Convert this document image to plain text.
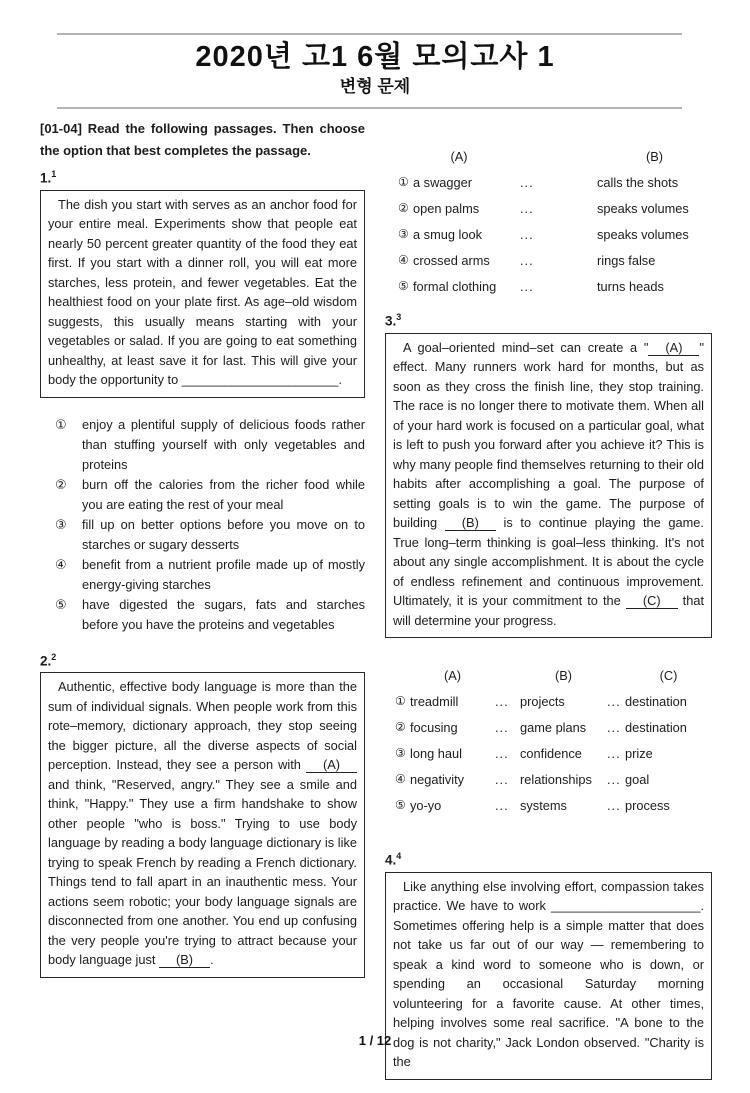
2020년 고1 6월 모의고사 1
변형 문제

[01-04] Read the following passages. Then choose the option that best completes the passage.

1.$^1$
The dish you start with serves as an anchor food for your entire meal. Experiments show that people eat nearly 50 percent greater quantity of the food they eat first. If you start with a dinner roll, you will eat more starches, less protein, and fewer vegetables. Eat the healthiest food on your plate first. As age–old wisdom suggests, this usually means starting with your vegetables or salad. If you are going to eat something unhealthy, at least save it for last. This will give your body the opportunity to ______________________.
① enjoy a plentiful supply of delicious foods rather than stuffing yourself with only vegetables and proteins
② burn off the calories from the richer food while you are eating the rest of your meal
③ fill up on better options before you move on to starches or sugary desserts
④ benefit from a nutrient profile made up of mostly energy-giving starches
⑤ have digested the sugars, fats and starches before you have the proteins and vegetables
2.$^2$
Authentic, effective body language is more than the sum of individual signals. When people work from this rote–memory, dictionary approach, they stop seeing the bigger picture, all the diverse aspects of social perception. Instead, they see a person with (A) and think, "Reserved, angry." They see a smile and think, "Happy." They use a firm handshake to show other people "who is boss." Trying to use body language by reading a body language dictionary is like trying to speak French by reading a French dictionary. Things tend to fall apart in an inauthentic mess. Your actions seem robotic; your body language signals are disconnected from one another. You end up confusing the very people you're trying to attract because your body language just (B) .
(A)	(B)
① a swagger	...	calls the shots
② open palms	...	speaks volumes
③ a smug look	...	speaks volumes
④ crossed arms	...	rings false
⑤ formal clothing	...	turns heads
3.$^3$
A goal–oriented mind–set can create a " (A) " effect. Many runners work hard for months, but as soon as they cross the finish line, they stop training. The race is no longer there to motivate them. When all of your hard work is focused on a particular goal, what is left to push you forward after you achieve it? This is why many people find themselves returning to their old habits after accomplishing a goal. The purpose of setting goals is to win the game. The purpose of building (B) is to continue playing the game. True long–term thinking is goal–less thinking. It's not about any single accomplishment. It is about the cycle of endless refinement and continuous improvement. Ultimately, it is your commitment to the (C) that will determine your progress.
(A)	(B)	(C)
① treadmill	... projects	... destination
② focusing	... game plans	... destination
③ long haul	... confidence	... prize
④ negativity	... relationships	... goal
⑤ yo-yo	... systems	... process
4.$^4$
Like anything else involving effort, compassion takes practice. We have to work _____________________. Sometimes offering help is a simple matter that does not take us far out of our way — remembering to speak a kind word to someone who is down, or spending an occasional Saturday morning volunteering for a favorite cause. At other times, helping involves some real sacrifice. "A bone to the dog is not charity," Jack London observed. "Charity is the
1 / 12
